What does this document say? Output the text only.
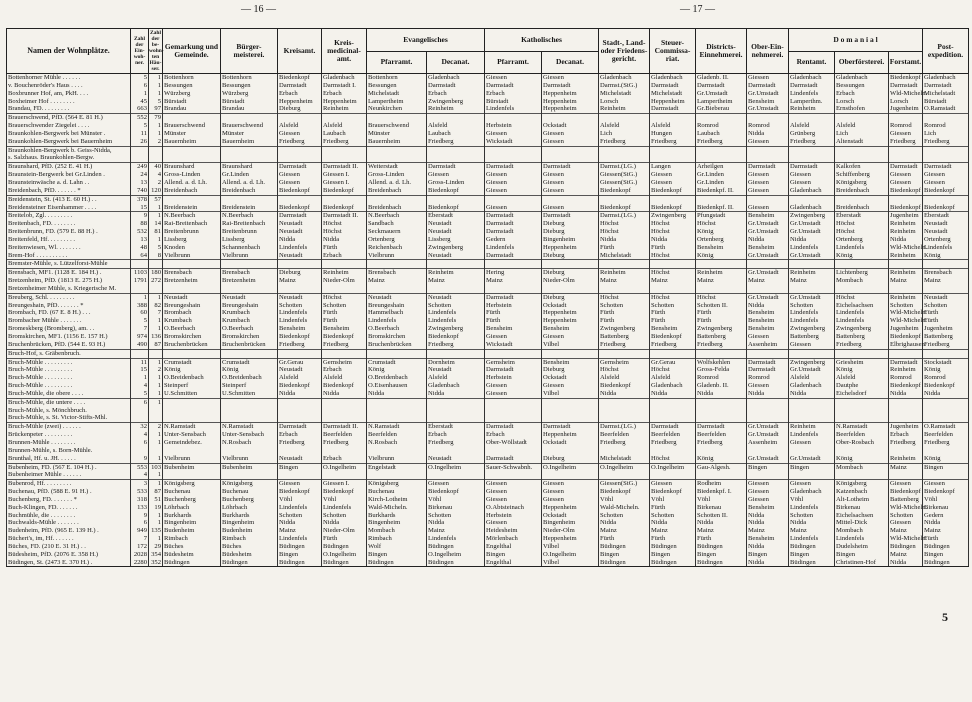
— 16 —	— 17 —
Namen der Wohnplätze.	Zahl der Ein- woh- ner.	Zahl der be- wohn- ten Häu- ser.	Gemarkung und Gemeinde.	Bürger- meisterei.	Kreisamt.	Kreis- medicinal- amt.	Evangelisches		Katholisches		Stadt-, Land- oder Friedens- gericht.	Steuer- Commissa- riat.	Districts- Einnehmerei.	Ober-Ein- nehmerei.	D o m a n i a l			Post- expedition.
							Pfarramt.	Decanat.	Pfarramt.	Decanat.					Rentamt.	Oberförsterei.	Forstamt.	
Bottenhorner Mühle . . . . . .	5	1	Bottenhorn	Bottenhorn	Biedenkopf	Gladenbach	Bottenhorn	Gladenbach	Giessen	Giessen	Gladenbach	Gladenbach	Gladenb. II.	Giessen	Gladenbach	Gladenbach	Biedenkopf	Gladenbach
v. Bouchenröder's Haus . . . .	6	1	Bessungen	Bessungen	Darmstadt	Darmstadt I.	Bessungen	Darmstadt	Darmstadt	Darmstadt	Darmst.(StG.)	Darmstadt	Darmstadt	Darmstadt	Darmstadt	Bessungen	Darmstadt	Darmstadt
Boxbrunner Hof, am, PkH. . . .	1	1	Würzberg	Würzberg	Erbach	Erbach	Michelstadt	Erbach	Erbach	Heppenheim	Michelstadt	Michelstadt	Gr.Umstadt	Gr.Umstadt	Lindenfels	Erbach	Wld-Micheln.	Michelstadt
Boxheimer Hof . . . . . . . .	45	5	Bürstadt	Bürstadt	Heppenheim	Heppenheim	Lampertheim	Zwingenberg	Bürstadt	Heppenheim	Lorsch	Heppenheim	Lampertheim	Bensheim	Lamperthm.	Lorsch	Lorsch	Bürstadt
Brandau, FD. . . . . . . . .	663	97	Brandau	Brandau	Dieburg	Reinheim	Neunkirchen	Reinheim	Lindenfels	Heppenheim	Reinheim	Darmstadt	Gr.Bieberau	Gr.Umstadt	Reinheim	Ernsthofen	Jugenheim	O.Ramstadt
Brauerschwend, PfD. (564 E. 81 H.)	552	79																
Brauerschwender Ziegelei . . . .	5	1	Brauerschwend	Brauerschwend	Alsfeld	Alsfeld	Brauerschwend	Alsfeld	Herbstein	Ockstadt	Alsfeld	Alsfeld	Romrod	Romrod	Alsfeld	Alsfeld	Romrod	Romrod
Braunkohlen-Bergwerk bei Münster .	11	1	Münster	Münster	Giessen	Laubach	Münster	Laubach	Giessen	Giessen	Lich	Hungen	Laubach	Nidda	Grünberg	Lich	Giessen	Lich
Braunkohlen-Bergwerk bei Bauernheim	26	2	Bauernheim	Bauernheim	Friedberg	Friedberg	Bauernheim	Friedberg	Wickstadt	Giessen	Friedberg	Friedberg	Friedberg	Giessen	Friedberg	Altenstadt	Friedberg	Friedberg
Braunkohlen-Bergwerk b. Geiss-Nidda,																		
s. Salzhaus. Braunkohlen-Bergw.																		
Braunshard, PfD. (252 E. 41 H.)	249	40	Braunshard	Braunshard	Darmstadt	Darmstadt II.	Weiterstadt	Darmstadt	Darmstadt	Darmstadt	Darmst.(LG.)	Langen	Arheilgen	Darmstadt	Darmstadt	Kalkofen	Darmstadt	Darmstadt
Braunstein-Bergwerk bei Gr.Linden .	24	4	Gross-Linden	Gr.Linden	Giessen	Giessen I.	Gross-Linden	Giessen	Giessen	Giessen	Giessen(StG.)	Giessen	Gr.Linden	Giessen	Giessen	Schiffenberg	Giessen	Giessen
Braunsteinwäsche a. d. Lahn . .	13	2	Allend. a. d. Lh.	Allend. a. d. Lh.	Giessen	Giessen I.	Allend. a. d. Lh.	Gross-Linden	Giessen	Giessen	Giessen(StG.)	Giessen	Gr.Linden	Giessen	Giessen	Königsberg	Giessen	Giessen
Breidenbach, PfD. . . . . . . *	740	120	Breidenbach	Breidenbach	Biedenkopf	Biedenkopf	Breidenbach	Biedenkopf	Giessen	Giessen	Biedenkopf	Biedenkopf	Biedenkpf. II.	Giessen	Gladenbach	Breidenbach	Biedenkopf	Biedenkopf
Breidenstein, St. (413 E. 60 H.) . .	378	57																
Breidensteiner Eisenhammer . . . .	15	1	Breidenstein	Breidenstein	Biedenkopf	Biedenkopf	Breidenbach	Biedenkopf	Giessen	Giessen	Biedenkopf	Biedenkopf	Biedenkpf. II.	Giessen	Gladenbach	Breidenbach	Biedenkopf	Biedenkopf
Breitelob, Zgl. . . . . . . . .	9	1	N.Beerbach	N.Beerbach	Darmstadt	Darmstadt II.	N.Beerbach	Eberstadt	Darmstadt	Darmstadt	Darmst.(LG.)	Zwingenberg	Pfungstadt	Bensheim	Zwingenberg	Eberstadt	Jugenheim	Eberstadt
Breitenbach, FD. . . . . . . .	88	14	Rai-Breitenbach	Rai-Breitenbach	Neustadt	Höchst	Sandbach	Neustadt	Darmstadt	Dieburg	Höchst	Höchst	Höchst	Gr.Umstadt	Gr.Umstadt	Höchst	Reinheim	Neustadt
Breitenbrunn, FD. (579 E. 88 H.) .	532	81	Breitenbrunn	Breitenbrunn	Neustadt	Höchst	Seckmauern	Neustadt	Darmstadt	Dieburg	Höchst	Höchst	König	Gr.Umstadt	Gr.Umstadt	Höchst	Reinheim	Neustadt
Breitenfeld, Hf. . . . . . . . .	13	1	Lissberg	Lissberg	Nidda	Nidda	Ortenberg	Lissberg	Gedern	Bingenheim	Nidda	Nidda	Ortenberg	Nidda	Nidda	Ortenberg	Nidda	Ortenberg
Breitenwiesen, Wl. . . . . . . .	48	5	Knoden	Schannenbach	Lindenfels	Fürth	Reichenbach	Zwingenberg	Lindenfels	Heppenheim	Fürth	Fürth	Bensheim	Bensheim	Lindenfels	Lindenfels	Wld-Micheln.	Lindenfels
Brem-Hof . . . . . . . . . .	64	8	Vielbrunn	Vielbrunn	Neustadt	Erbach	Vielbrunn	Neustadt	Darmstadt	Dieburg	Michelstadt	Höchst	König	Gr.Umstadt	Gr.Umstadt	König	Reinheim	König
Bremster-Mühle, s. Lützelforst-Mühle																		
Brensbach, MF1. (1128 E. 184 H.) .	1103	180	Brensbach	Brensbach	Dieburg	Reinheim	Brensbach	Reinheim	Hering	Dieburg	Reinheim	Höchst	Reinheim	Gr.Umstadt	Reinheim	Lichtenberg	Reinheim	Brensbach
Bretzenheim, PfD. (1813 E. 275 H.)	1791	272	Bretzenheim	Bretzenheim	Mainz	Nieder-Olm	Mainz	Mainz	Mainz	Nieder-Olm	Mainz	Mainz	Mainz	Mainz	Mainz	Mombach	Mainz	Mainz
Bretzenheimer Mühle, s. Kriegerische M.																		
Breuberg, Schl. . . . . . . . .	1	1	Neustadt	Neustadt	Neustadt	Höchst	Neustadt	Neustadt	Darmstadt	Dieburg	Höchst	Höchst	Höchst	Gr.Umstadt	Gr.Umstadt	Höchst	Reinheim	Neustadt
Breungeshain, PfD. . . . . . . *	388	82	Breungeshain	Breungeshain	Schotten	Schotten	Breungeshain	Schotten	Herbstein	Ockstadt	Schotten	Schotten	Schotten II.	Nidda	Schotten	Eichelsachsen	Schotten	Schotten
Brombach, FD. (67 E. 8 H.) . . .	60	7	Brombach	Krumbach	Lindenfels	Fürth	Hammelbach	Lindenfels	Fürth	Heppenheim	Fürth	Fürth	Fürth	Bensheim	Lindenfels	Lindenfels	Wld-Micheln.	Fürth
Brombacher Mühle . . . . . . .	5	1	Krumbach	Krumbach	Lindenfels	Fürth	Lindenfels	Lindenfels	Fürth	Heppenheim	Fürth	Fürth	Fürth	Bensheim	Lindenfels	Lindenfels	Wld-Micheln.	Fürth
Bromeskberg (Bromberg), am. . .	7	1	O.Beerbach	O.Beerbach	Bensheim	Bensheim	O.Beerbach	Zwingenberg	Bensheim	Bensheim	Zwingenberg	Bensheim	Zwingenberg	Bensheim	Zwingenberg	Zwingenberg	Jugenheim	Jugenheim
Bromskirchen, MF1. (1156 E. 157 H.)	974	136	Bromskirchen	Bromskirchen	Biedenkopf	Biedenkopf	Bromskirchen	Biedenkopf	Giessen	Giessen	Battenberg	Biedenkopf	Battenberg	Giessen	Battenberg	Battenberg	Biedenkopf	Battenberg
Bruchenbrücken, PfD. (544 E. 93 H.)	490	87	Bruchenbrücken	Bruchenbrücken	Friedberg	Friedberg	Bruchenbrücken	Friedberg	Wickstadt	Vilbel	Friedberg	Friedberg	Friedberg	Assenheim	Giessen	Friedberg	Elbrighausen	Friedberg
Bruch-Hof, s. Gräbenbruch.																		
Bruch-Mühle . . . . . . . . .	11	1	Crumstadt	Crumstadt	Gr.Gerau	Gernsheim	Crumstadt	Dornheim	Gernsheim	Bensheim	Gernsheim	Gr.Gerau	Wolfskehlen	Darmstadt	Zwingenberg	Griesheim	Darmstadt	Stockstadt
Bruch-Mühle . . . . . . . . .	15	2	König	König	Neustadt	Erbach	König	Neustadt	Darmstadt	Dieburg	Höchst	Höchst	Gross-Felda	Darmstadt	Gr.Umstadt	König	Reinheim	König
Bruch-Mühle . . . . . . . . .	1	1	O.Breidenbach	O.Breidenbach	Alsfeld	Alsfeld	O.Breidenbach	Alsfeld	Herbstein	Ockstadt	Alsfeld	Alsfeld	Romrod	Romrod	Alsfeld	Alsfeld	Romrod	Romrod
Bruch-Mühle . . . . . . . . .	4	1	Steinperf	Steinperf	Biedenkopf	Biedenkopf	O.Eisenhausen	Gladenbach	Giessen	Giessen	Biedenkopf	Gladenbach	Gladenb. II.	Giessen	Gladenbach	Dautphe	Biedenkopf	Biedenkopf
Bruch-Mühle, die obere . . . .	5	1	U.Schmitten	U.Schmitten	Nidda	Nidda	Nidda	Nidda	Giessen	Vilbel	Nidda	Nidda	Nidda	Nidda	Nidda	Eichelsdorf	Nidda	Nidda
Bruch-Mühle, die untere . . . .	6	1																
Bruch-Mühle, s. Mönchbruch.																		
Bruch-Mühle, s. St. Victor-Stifts-Mhl.																		
Bruch-Mühle (zwei) . . . . . .	32	2	N.Ramstadt	N.Ramstadt	Darmstadt	Darmstadt II.	N.Ramstadt	Eberstadt	Darmstadt	Darmstadt	Darmst.(LG.)	Darmstadt	Darmstadt	Gr.Umstadt	Reinheim	N.Ramstadt	Jugenheim	O.Ramstadt
Brückenpeter . . . . . . . . .	4	1	Unter-Sensbach	Unter-Sensbach	Erbach	Beerfelden	Beerfelden	Erbach	Erbach	Heppenheim	Beerfelden	Beerfelden	Beerfelden	Gr.Umstadt	Lindenfels	Beerfelden	Erbach	Beerfelden
Brunnen-Mühle . . . . . . . .	6	1	Gemeindebez.	N.Rosbach	Friedberg	Friedberg	N.Rosbach	Friedberg	Ober-Wöllstadt	Ockstadt	Friedberg	Friedberg	Friedberg	Assenheim	Giessen	Ober-Rosbach	Friedberg	Friedberg
Brunnen-Mühle, s. Born-Mühle.																		
Brunthal, Hf. u. JH. . . . . .	9	1	Vielbrunn	Vielbrunn	Neustadt	Erbach	Vielbrunn	Neustadt	Darmstadt	Dieburg	Michelstadt	Höchst	König	Gr.Umstadt	Gr.Umstadt	König	Reinheim	König
Bubenheim, FD. (567 E. 104 H.) .	553	103	Bubenheim	Bubenheim	Bingen	O.Ingelheim	Engelstadt	O.Ingelheim	Sauer-Schwabnh.	O.Ingelheim	O.Ingelheim	O.Ingelheim	Gau-Algesh.	Bingen	Bingen	Mombach	Mainz	Bingen
Bubenheimer Mühle . . . . . .	4	1																
Bubenrod, Hf. . . . . . . . .	3	1	Königsberg	Königsberg	Giessen	Giessen I.	Königsberg	Giessen	Giessen	Giessen	Giessen(StG.)	Giessen	Rodheim	Giessen	Giessen	Königsberg	Giessen	Giessen
Buchenau, PfD. (588 E. 91 H.) .	533	87	Buchenau	Buchenau	Biedenkopf	Biedenkopf	Buchenau	Biedenkopf	Giessen	Giessen	Biedenkopf	Biedenkopf	Biedenkpf. I.	Giessen	Gladenbach	Katzenbach	Biedenkopf	Biedenkopf
Buchenberg, FD. . . . . . . *	318	51	Buchenberg	Buchenberg	Vöhl	Vöhl	Kirch-Lotheim	Vöhl	Giessen	Giessen	Vöhl	Vöhl	Vöhl	Giessen	Vöhl	Alt-Lotheim	Battenberg	Vöhl
Buch-Klingen, FD. . . . . . .	133	19	Löhrbach	Löhrbach	Lindenfels	Lindenfels	Wald-Micheln.	Birkenau	O.Abtsteinach	Heppenheim	Wald-Micheln.	Fürth	Birkenau	Bensheim	Lindenfels	Birkenau	Wld-Micheln.	Birkenau
Buchmühle, die . . . . . . . .	9	1	Burkhards	Burkhards	Schotten	Schotten	Burkhards	Schotten	Herbstein	Ockstadt	Schotten	Schotten	Schotten II.	Nidda	Schotten	Eichelsachsen	Schotten	Gedern
Buchwalds-Mühle . . . . . . .	6	1	Bingenheim	Bingenheim	Nidda	Nidda	Bingenheim	Nidda	Giessen	Bingenheim	Nidda	Nidda	Nidda	Nidda	Nidda	Mittel-Dick	Giessen	Nidda
Budenheim, PfD. (965 E. 139 H.) .	949	135	Budenheim	Budenheim	Mainz	Nieder-Olm	Mombach	Mainz	Heidesheim	Nieder-Olm	Mainz	Mainz	Mainz	Mainz	Mainz	Mombach	Mainz	Mainz
Büchert's, im, Hf. . . . . . .	7	1	Rimbach	Rimbach	Lindenfels	Fürth	Rimbach	Lindenfels	Mörlenbach	Heppenheim	Fürth	Fürth	Fürth	Bensheim	Lindenfels	Lindenfels	Wld-Micheln.	Fürth
Büches, FD. (210 E. 31 H.) . .	172	29	Büches	Büches	Büdingen	Büdingen	Wolf	Büdingen	Engelthal	Vilbel	Büdingen	Büdingen	Büdingen	Nidda	Büdingen	Dudelsheim	Büdingen	Büdingen
Büdesheim, PfD. (2076 E. 358 H.)	2028	354	Büdesheim	Büdesheim	Bingen	O.Ingelheim	Bingen	O.Ingelheim	Bingen	O.Ingelheim	Bingen	Bingen	Bingen	Bingen	Bingen	Bingen	Mainz	Bingen
Büdingen, St. (2473 E. 370 H.) .	2280	352	Büdingen	Büdingen	Büdingen	Büdingen	Büdingen	Büdingen	Engelthal	Vilbel	Büdingen	Büdingen	Büdingen	Nidda	Büdingen	Christinen-Hof	Nidda	Büdingen
5
